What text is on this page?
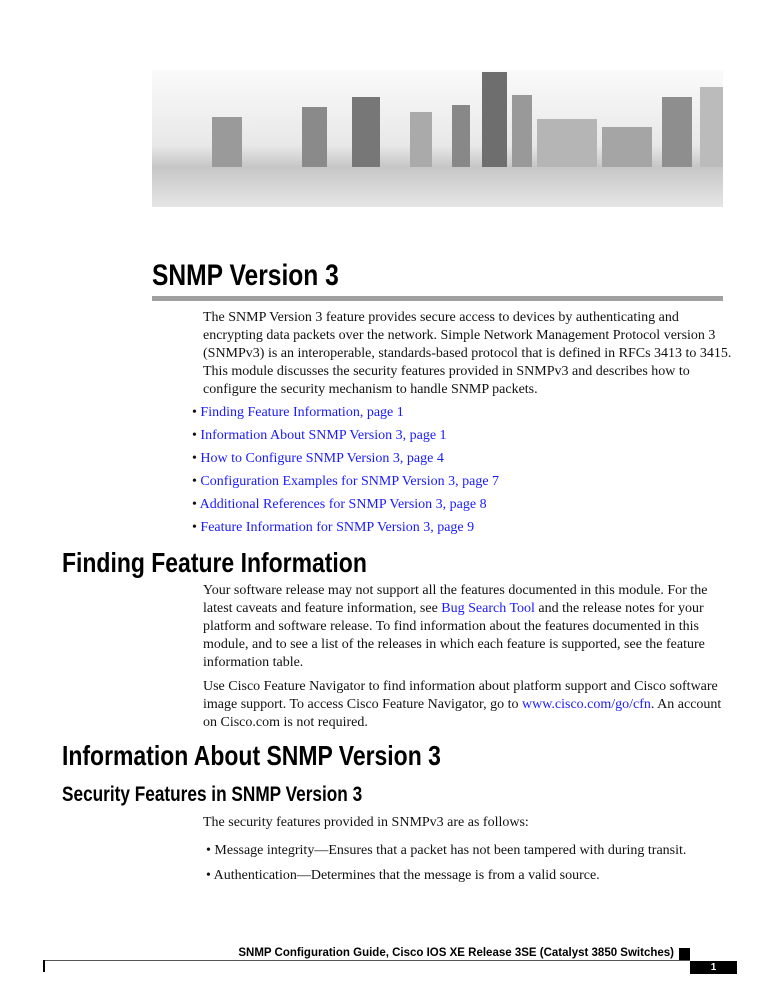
SNMP Version 3
The SNMP Version 3 feature provides secure access to devices by authenticating and encrypting data packets over the network. Simple Network Management Protocol version 3 (SNMPv3) is an interoperable, standards-based protocol that is defined in RFCs 3413 to 3415. This module discusses the security features provided in SNMPv3 and describes how to configure the security mechanism to handle SNMP packets.
• Finding Feature Information, page 1
• Information About SNMP Version 3, page 1
• How to Configure SNMP Version 3, page 4
• Configuration Examples for SNMP Version 3, page 7
• Additional References for SNMP Version 3, page 8
• Feature Information for SNMP Version 3, page 9
Finding Feature Information
Your software release may not support all the features documented in this module. For the latest caveats and feature information, see Bug Search Tool and the release notes for your platform and software release. To find information about the features documented in this module, and to see a list of the releases in which each feature is supported, see the feature information table.
Use Cisco Feature Navigator to find information about platform support and Cisco software image support. To access Cisco Feature Navigator, go to www.cisco.com/go/cfn. An account on Cisco.com is not required.
Information About SNMP Version 3
Security Features in SNMP Version 3
The security features provided in SNMPv3 are as follows:
• Message integrity—Ensures that a packet has not been tampered with during transit.
• Authentication—Determines that the message is from a valid source.
SNMP Configuration Guide, Cisco IOS XE Release 3SE (Catalyst 3850 Switches)
1
